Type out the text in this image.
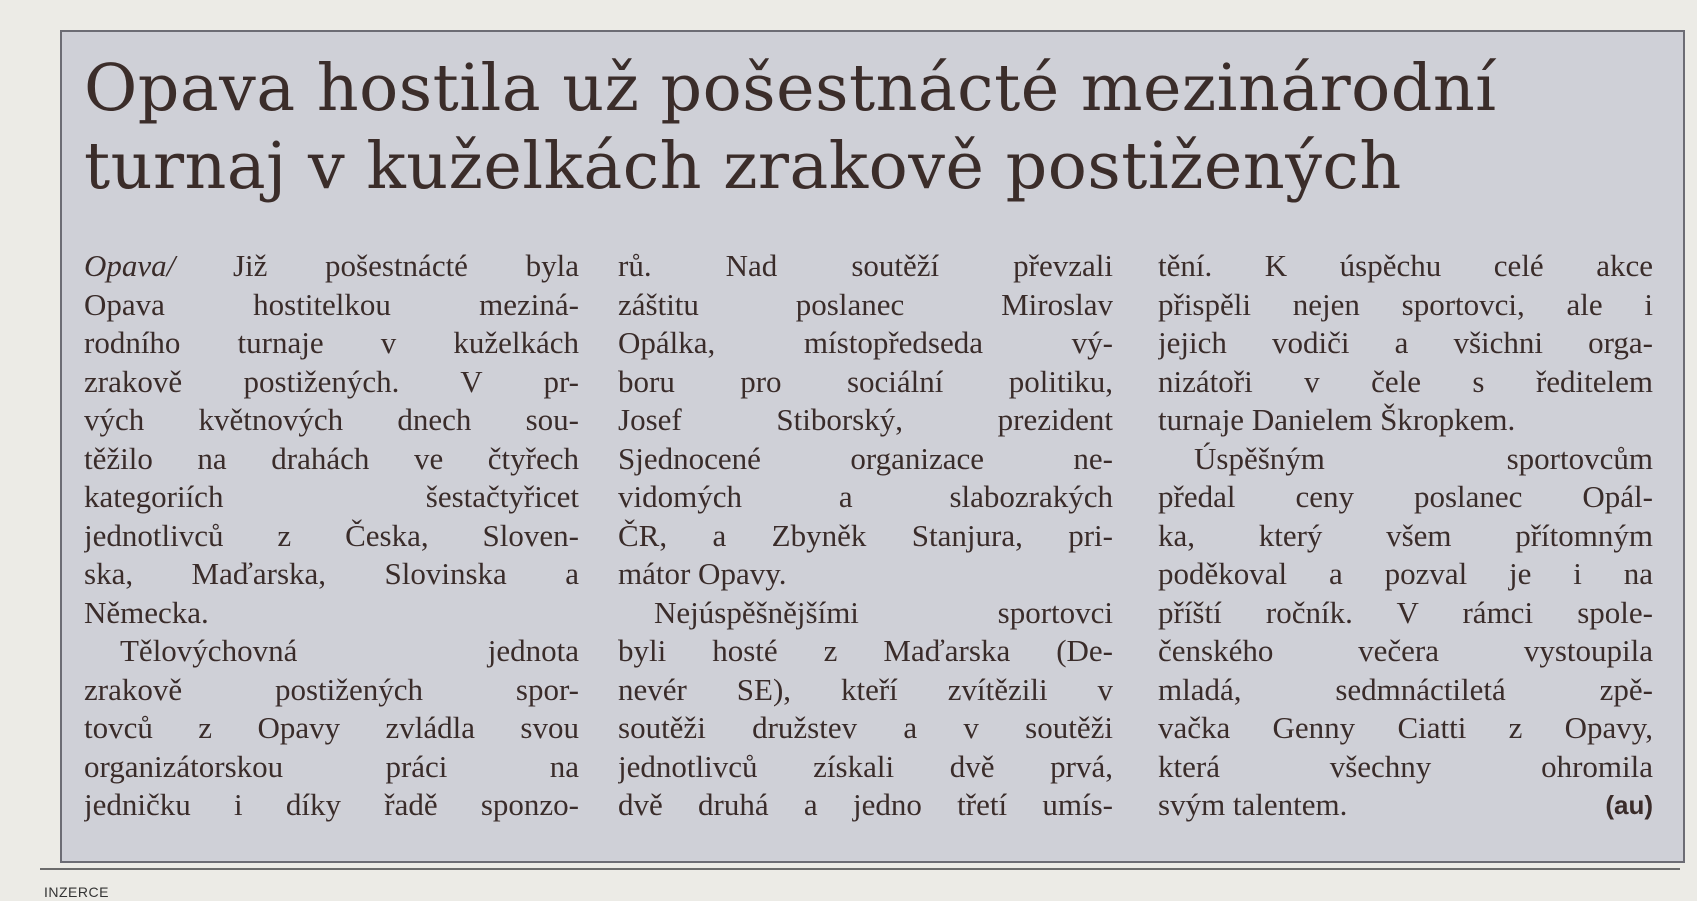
Opava hostila už pošestnácté mezinárodní
turnaj v kuželkách zrakově postižených
Opava/ Již pošestnácté byla
Opava hostitelkou meziná-
rodního turnaje v kuželkách
zrakově postižených. V pr-
vých květnových dnech sou-
těžilo na drahách ve čtyřech
kategoriích šestačtyřicet
jednotlivců z Česka, Sloven-
ska, Maďarska, Slovinska a
Německa.
Tělovýchovná jednota
zrakově postižených spor-
tovců z Opavy zvládla svou
organizátorskou práci na
jedničku i díky řadě sponzo-
rů. Nad soutěží převzali
záštitu poslanec Miroslav
Opálka, místopředseda vý-
boru pro sociální politiku,
Josef Stiborský, prezident
Sjednocené organizace ne-
vidomých a slabozrakých
ČR, a Zbyněk Stanjura, pri-
mátor Opavy.
Nejúspěšnějšími sportovci
byli hosté z Maďarska (De-
nevér SE), kteří zvítězili v
soutěži družstev a v soutěži
jednotlivců získali dvě prvá,
dvě druhá a jedno třetí umís-
tění. K úspěchu celé akce
přispěli nejen sportovci, ale i
jejich vodiči a všichni orga-
nizátoři v čele s ředitelem
turnaje Danielem Škropkem.
Úspěšným sportovcům
předal ceny poslanec Opál-
ka, který všem přítomným
poděkoval a pozval je i na
příští ročník. V rámci spole-
čenského večera vystoupila
mladá, sedmnáctiletá zpě-
vačka Genny Ciatti z Opavy,
která všechny ohromila
svým talentem.	(au)
INZERCE
